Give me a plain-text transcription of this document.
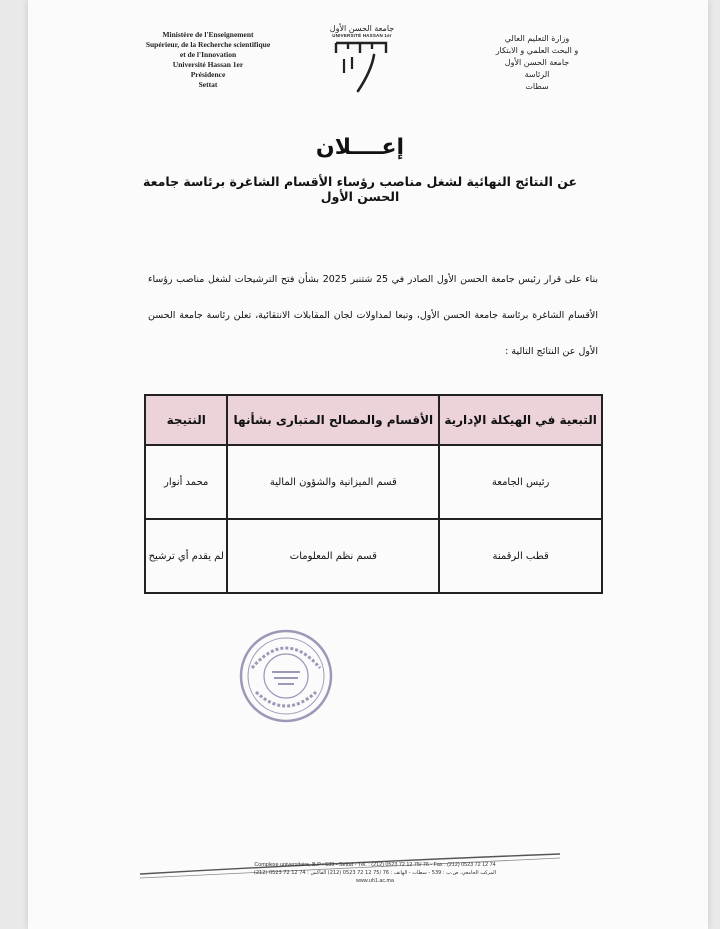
Ministère de l'Enseignement
Supérieur, de la Recherche scientifique
et de l'Innovation
Université Hassan 1er
Présidence
Settat
جامعة الحسن الأول
UNIVERSITÉ HASSAN 1er	وزارة التعليم العالي
و البحث العلمي و الابتكار
جامعة الحسن الأول
الرئاسة
سطات
إعــــلان
عن النتائج النهائية لشغل مناصب رؤساء الأقسام الشاغرة برئاسة جامعة الحسن الأول
بناء على قرار رئيس جامعة الحسن الأول الصادر في 25 شتنبر 2025 بشأن فتح الترشيحات لشغل مناصب رؤساء الأقسام الشاغرة برئاسة جامعة الحسن الأول، وتبعا لمداولات لجان المقابلات الانتقائية، تعلن رئاسة جامعة الحسن الأول عن النتائج التالية :
التبعية في الهيكلة الإدارية	الأقسام والمصالح المتبارى بشأنها	النتيجة
رئيس الجامعة	قسم الميزانية والشؤون المالية	محمد أنوار
قطب الرقمنة	قسم نظم المعلومات	لم يقدم أي ترشيح
Complexe universitaire, B.P : 539 - Settat - Tél. : (212) 0523 72 12 75/ 76 - Fax : (212) 0523 72 12 74
المركب الجامعي، ص.ب : 539 - سطات - الهاتف : 76 /75 12 72 0523 (212) الفاكس : 74 12 72 0523 (212)
www.uh1.ac.ma
